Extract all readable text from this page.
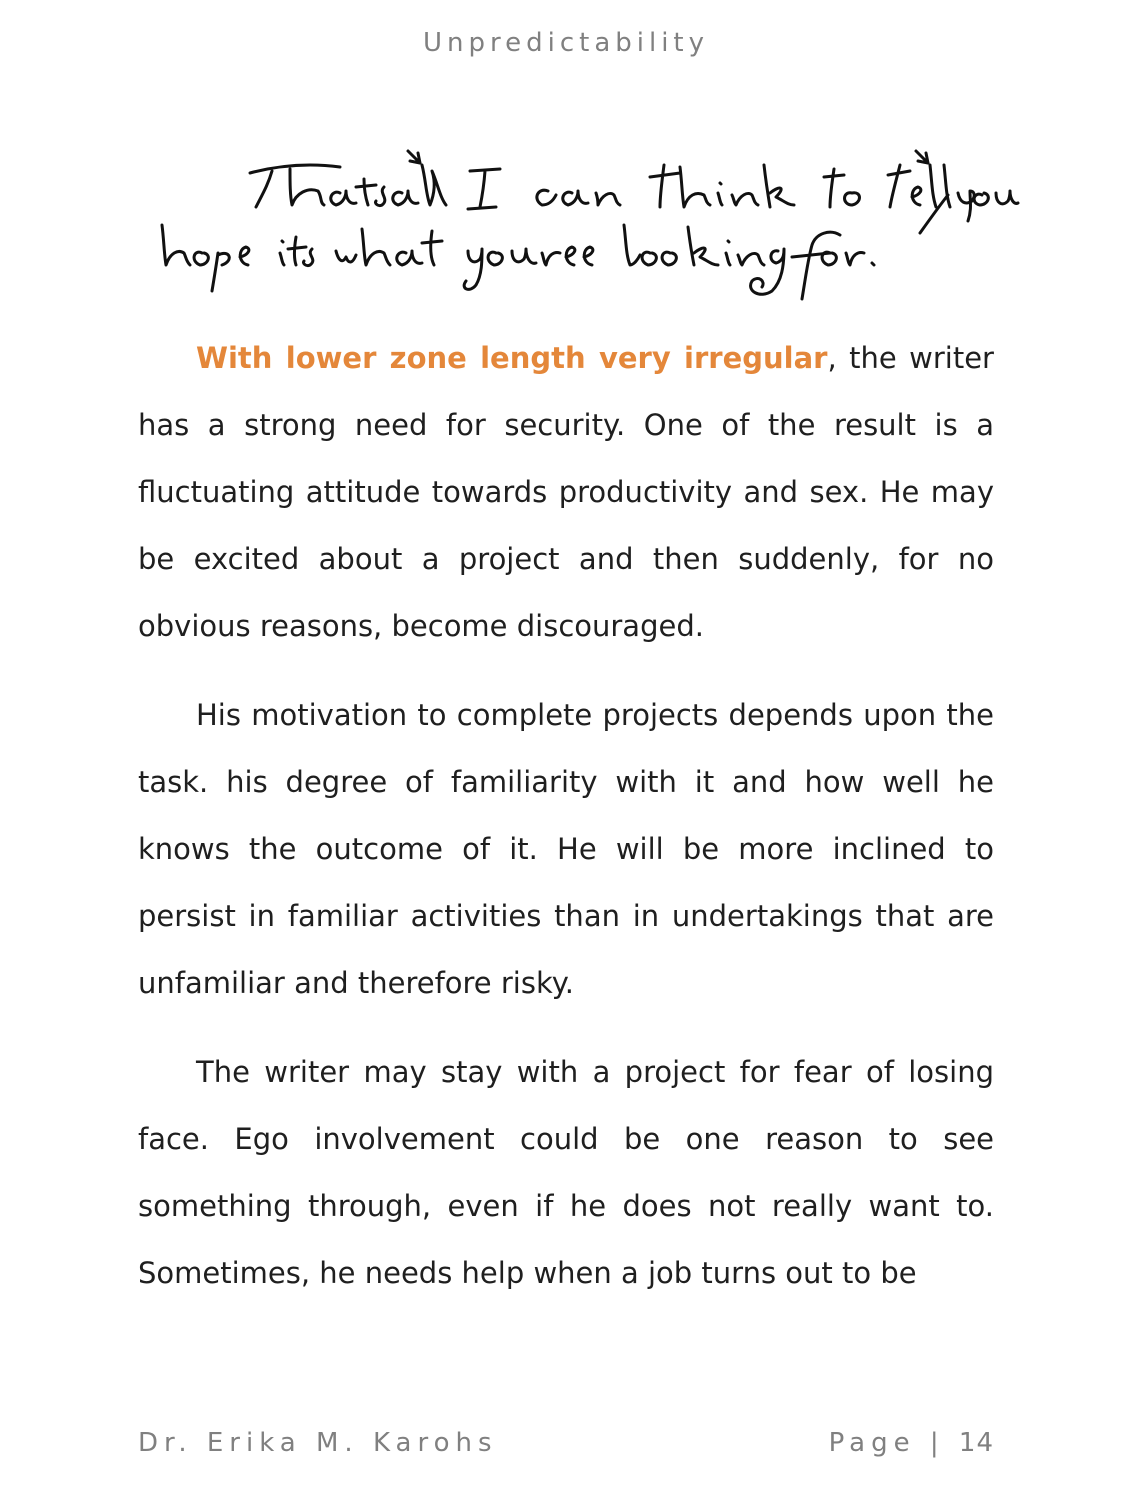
Unpredictability

With lower zone length very irregular, the writer has a strong need for security. One of the result is a fluctuating attitude towards productivity and sex. He may be excited about a project and then suddenly, for no obvious reasons, become discouraged.

His motivation to complete projects depends upon the task. his degree of familiarity with it and how well he knows the outcome of it. He will be more inclined to persist in familiar activities than in undertakings that are unfamiliar and therefore risky.

The writer may stay with a project for fear of losing face. Ego involvement could be one reason to see something through, even if he does not really want to. Sometimes, he needs help when a job turns out to be

Dr. Erika M. Karohs	Page | 14
